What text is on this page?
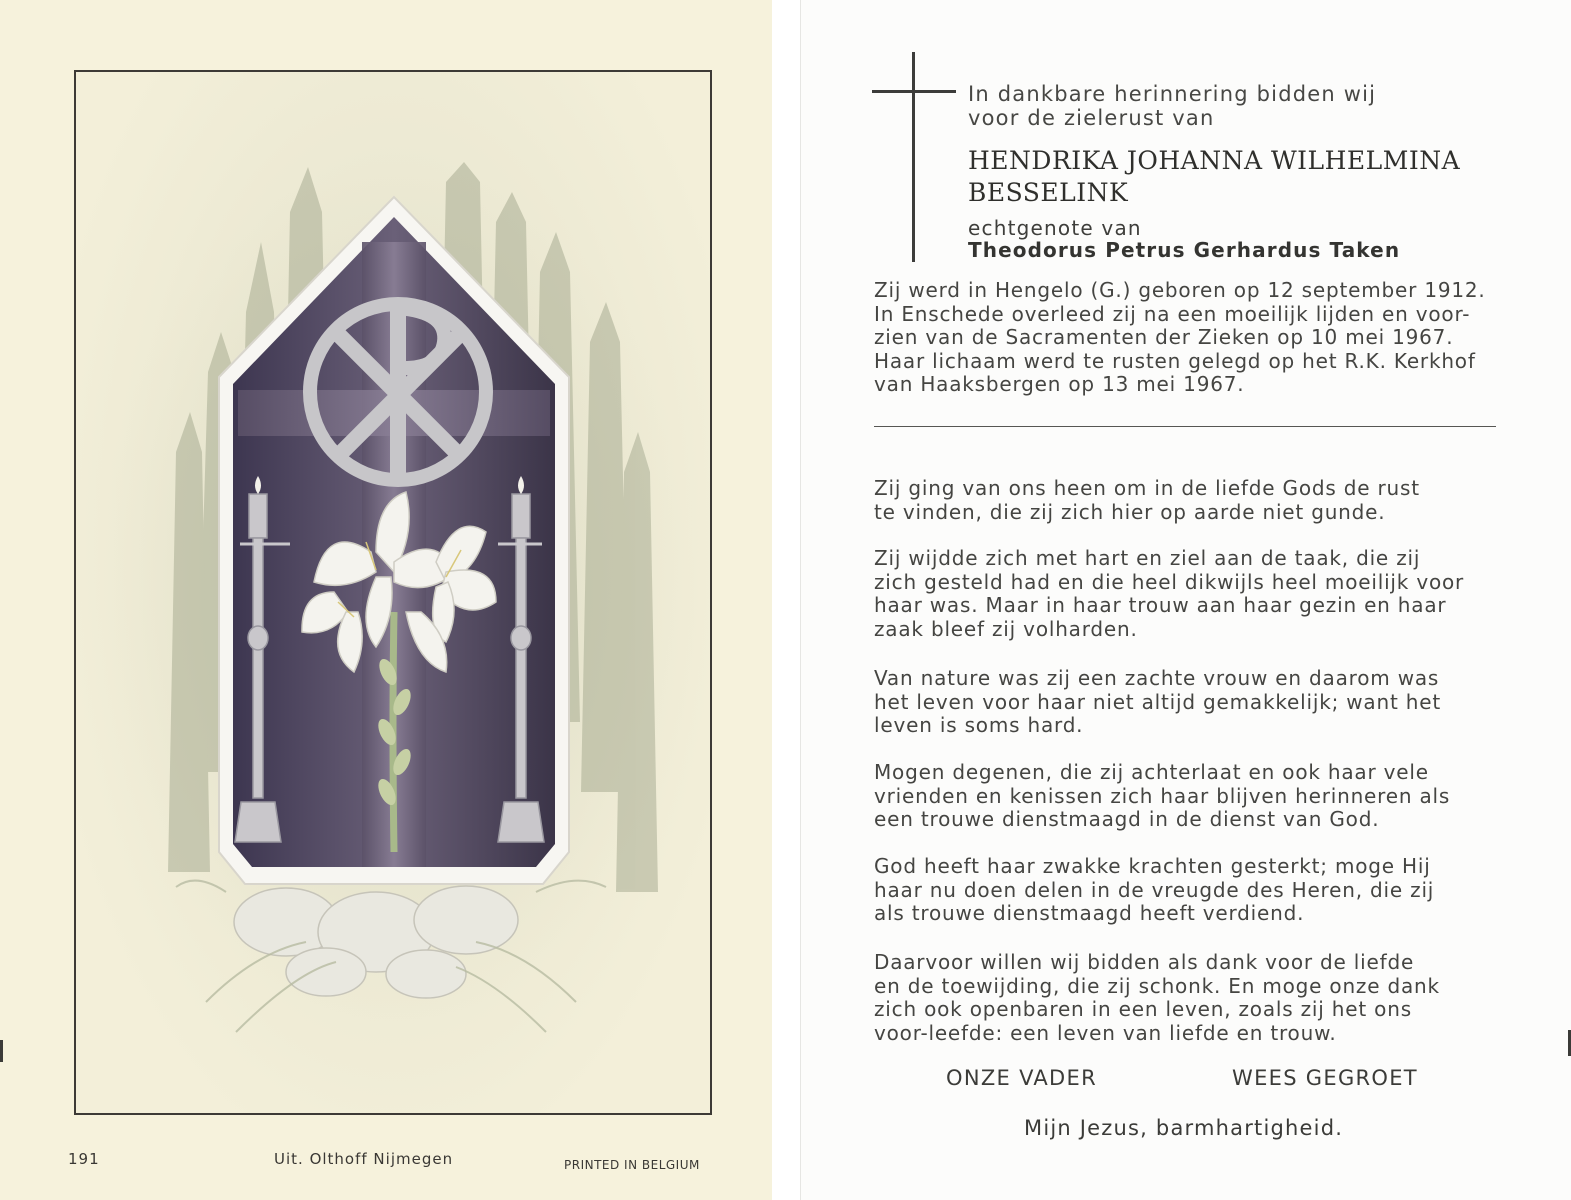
191	Uit. Olthoff Nijmegen	PRINTED IN BELGIUM
In dankbare herinnering bidden wij
voor de zielerust van
HENDRIKA JOHANNA WILHELMINA
BESSELINK
echtgenote van
Theodorus Petrus Gerhardus Taken
Zij werd in Hengelo (G.) geboren op 12 september 1912.
In Enschede overleed zij na een moeilijk lijden en voor-
zien van de Sacramenten der Zieken op 10 mei 1967.
Haar lichaam werd te rusten gelegd op het R.K. Kerkhof
van Haaksbergen op 13 mei 1967.
Zij ging van ons heen om in de liefde Gods de rust
te vinden, die zij zich hier op aarde niet gunde.
Zij wijdde zich met hart en ziel aan de taak, die zij
zich gesteld had en die heel dikwijls heel moeilijk voor
haar was. Maar in haar trouw aan haar gezin en haar
zaak bleef zij volharden.
Van nature was zij een zachte vrouw en daarom was
het leven voor haar niet altijd gemakkelijk; want het
leven is soms hard.
Mogen degenen, die zij achterlaat en ook haar vele
vrienden en kenissen zich haar blijven herinneren als
een trouwe dienstmaagd in de dienst van God.
God heeft haar zwakke krachten gesterkt; moge Hij
haar nu doen delen in de vreugde des Heren, die zij
als trouwe dienstmaagd heeft verdiend.
Daarvoor willen wij bidden als dank voor de liefde
en de toewijding, die zij schonk. En moge onze dank
zich ook openbaren in een leven, zoals zij het ons
voor-leefde: een leven van liefde en trouw.
ONZE VADER	WEES GEGROET
Mijn Jezus, barmhartigheid.
